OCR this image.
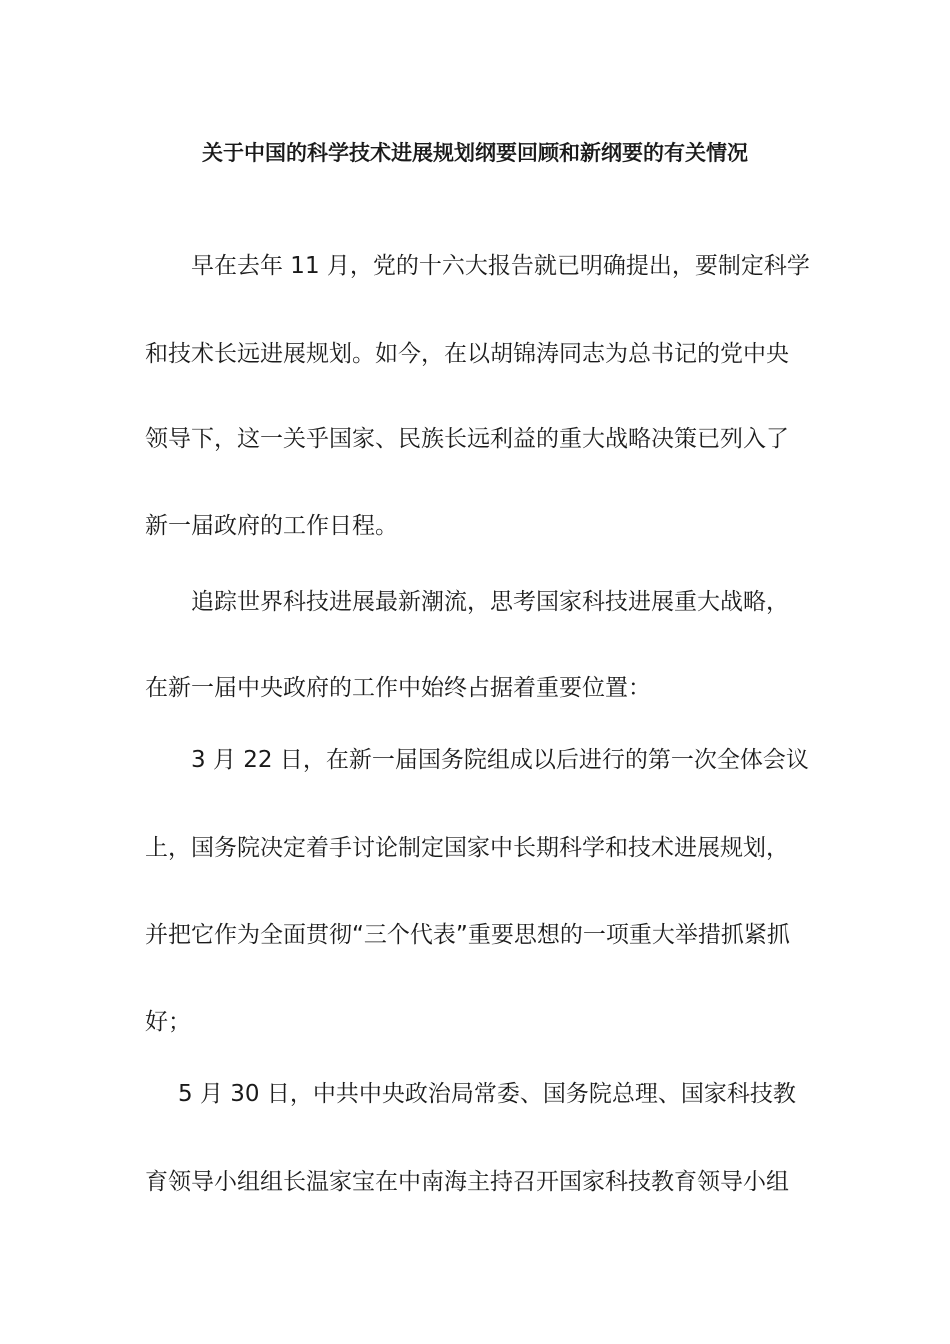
关于中国的科学技术进展规划纲要回顾和新纲要的有关情况
早在去年 11 月，党的十六大报告就已明确提出，要制定科学
和技术长远进展规划。如今，在以胡锦涛同志为总书记的党中央
领导下，这一关乎国家、民族长远利益的重大战略决策已列入了
新一届政府的工作日程。
追踪世界科技进展最新潮流，思考国家科技进展重大战略，
在新一届中央政府的工作中始终占据着重要位置：
3 月 22 日，在新一届国务院组成以后进行的第一次全体会议
上，国务院决定着手讨论制定国家中长期科学和技术进展规划，
并把它作为全面贯彻“三个代表”重要思想的一项重大举措抓紧抓
好；
5 月 30 日，中共中央政治局常委、国务院总理、国家科技教
育领导小组组长温家宝在中南海主持召开国家科技教育领导小组
